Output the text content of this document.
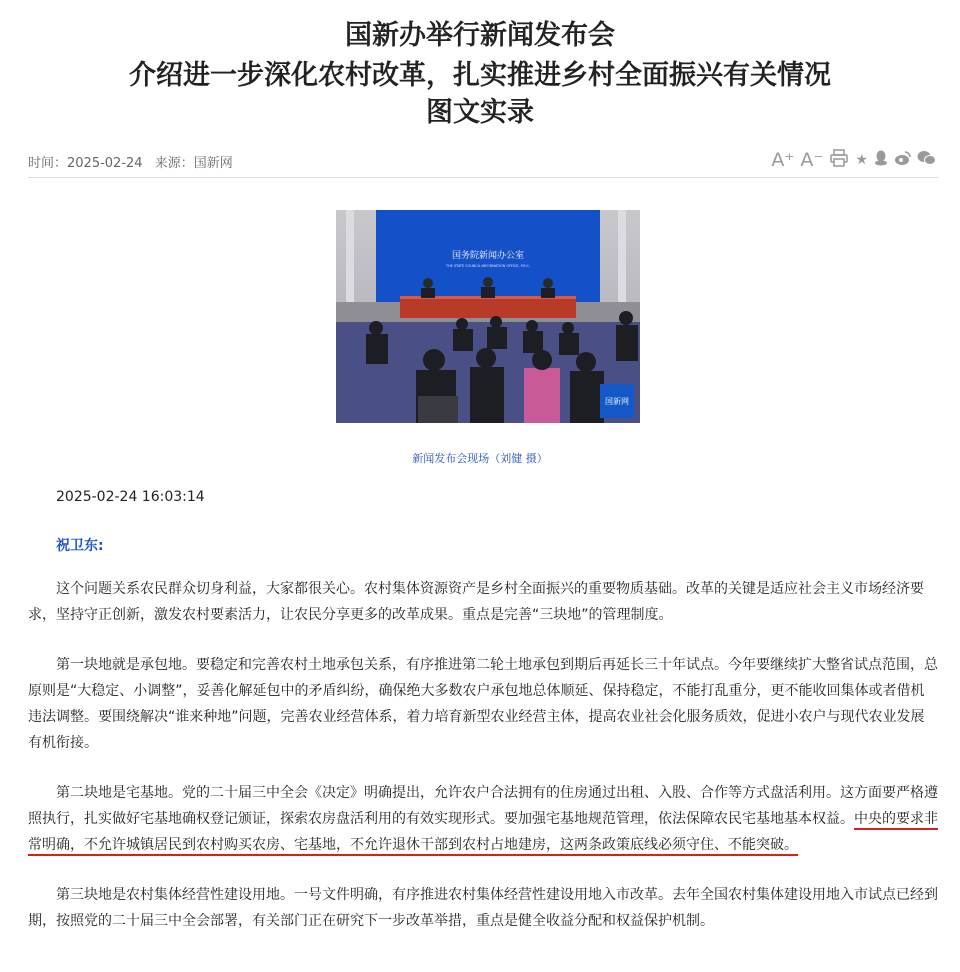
国新办举行新闻发布会
介绍进一步深化农村改革，扎实推进乡村全面振兴有关情况
图文实录
时间：2025-02-24 来源：国新网	A⁺ A⁻ ★
国务院新闻办公室
THE STATE COUNCIL INFORMATION OFFICE, P.R.C.
国新网
新闻发布会现场（刘健 摄）
2025-02-24 16:03:14
祝卫东:
这个问题关系农民群众切身利益，大家都很关心。农村集体资源资产是乡村全面振兴的重要物质基础。改革的关键是适应社会主义市场经济要求，坚持守正创新，激发农村要素活力，让农民分享更多的改革成果。重点是完善“三块地”的管理制度。
第一块地就是承包地。要稳定和完善农村土地承包关系，有序推进第二轮土地承包到期后再延长三十年试点。今年要继续扩大整省试点范围，总原则是“大稳定、小调整”，妥善化解延包中的矛盾纠纷，确保绝大多数农户承包地总体顺延、保持稳定，不能打乱重分，更不能收回集体或者借机违法调整。要围绕解决“谁来种地”问题，完善农业经营体系，着力培育新型农业经营主体，提高农业社会化服务质效，促进小农户与现代农业发展有机衔接。
第二块地是宅基地。党的二十届三中全会《决定》明确提出，允许农户合法拥有的住房通过出租、入股、合作等方式盘活利用。这方面要严格遵照执行，扎实做好宅基地确权登记颁证，探索农房盘活利用的有效实现形式。要加强宅基地规范管理，依法保障农民宅基地基本权益。中央的要求非常明确，不允许城镇居民到农村购买农房、宅基地，不允许退休干部到农村占地建房，这两条政策底线必须守住、不能突破。
第三块地是农村集体经营性建设用地。一号文件明确，有序推进农村集体经营性建设用地入市改革。去年全国农村集体建设用地入市试点已经到期，按照党的二十届三中全会部署，有关部门正在研究下一步改革举措，重点是健全收益分配和权益保护机制。
